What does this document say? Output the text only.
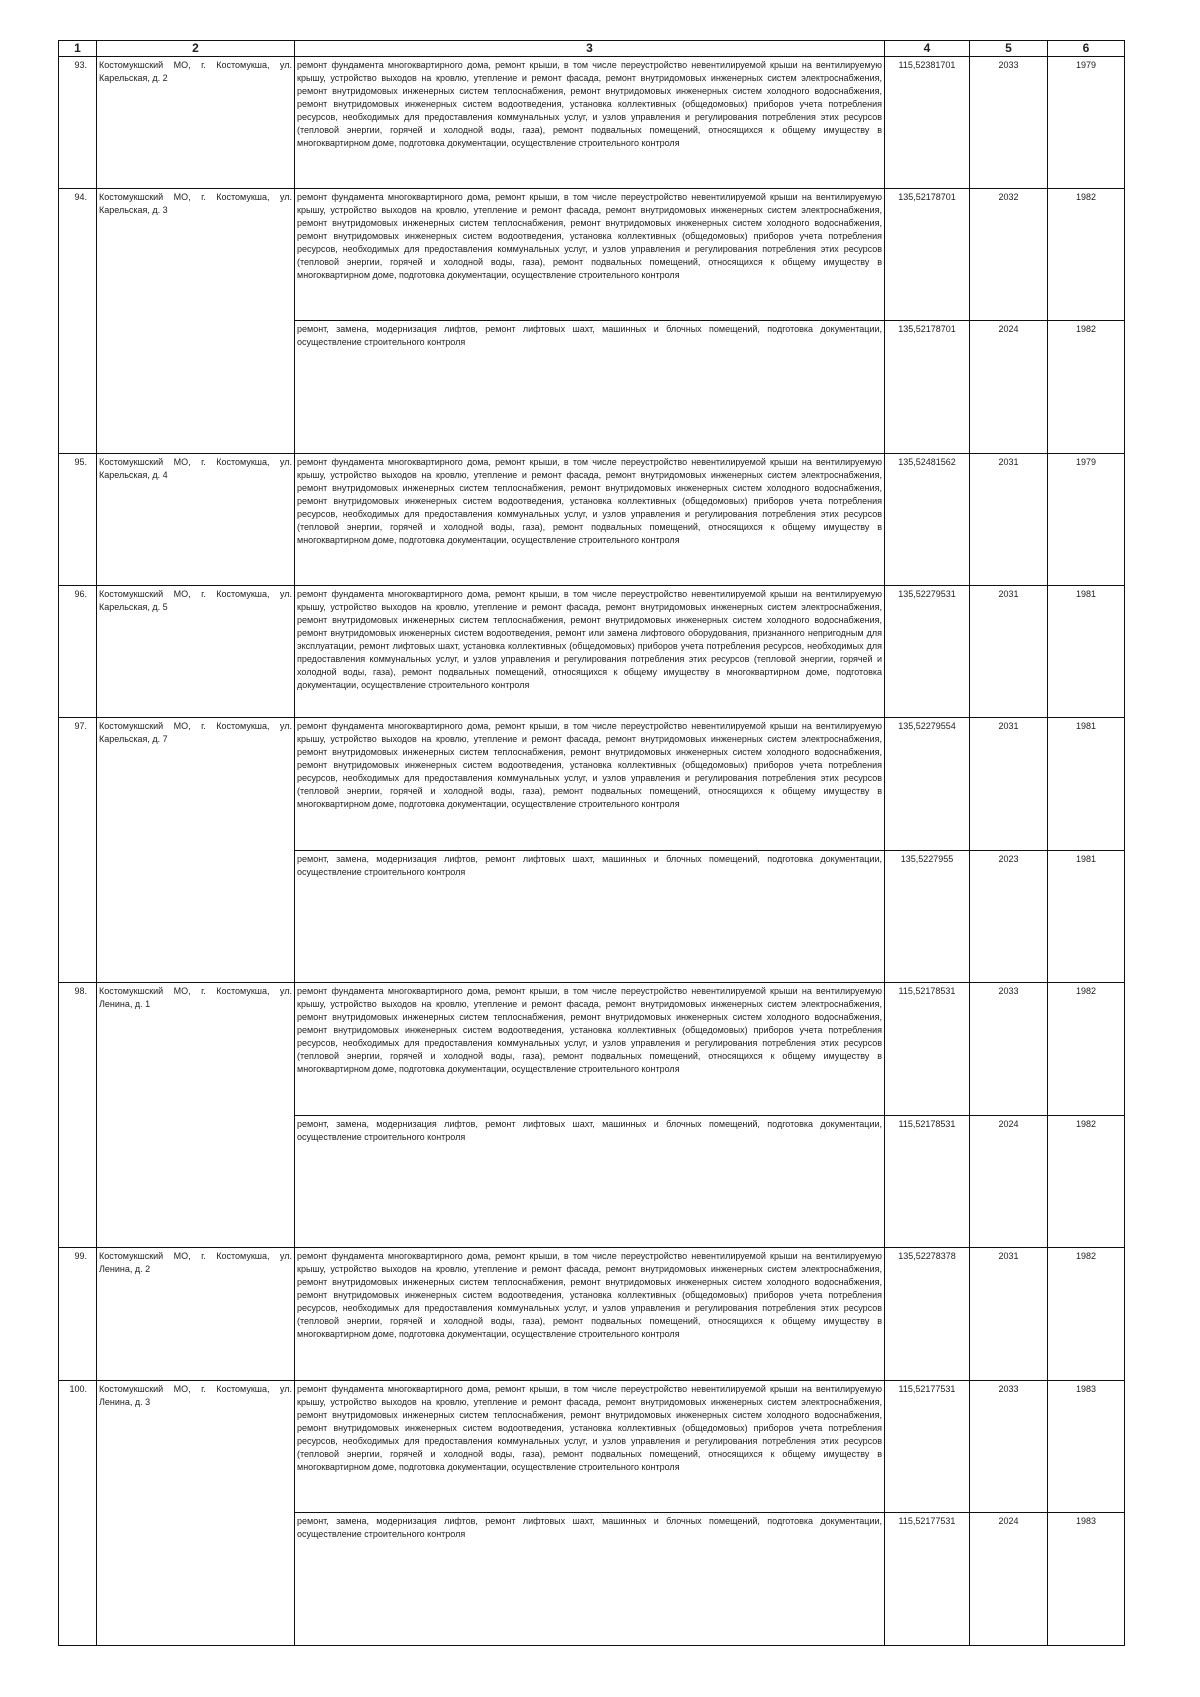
1	2	3	4	5	6
93.	Костомукшский МО, г. Костомукша, ул. Карельская, д. 2	ремонт фундамента многоквартирного дома, ремонт крыши, в том числе переустройство невентилируемой крыши на вентилируемую крышу, устройство выходов на кровлю, утепление и ремонт фасада, ремонт внутридомовых инженерных систем электроснабжения, ремонт внутридомовых инженерных систем теплоснабжения, ремонт внутридомовых инженерных систем холодного водоснабжения, ремонт внутридомовых инженерных систем водоотведения, установка коллективных (общедомовых) приборов учета потребления ресурсов, необходимых для предоставления коммунальных услуг, и узлов управления и регулирования потребления этих ресурсов (тепловой энергии, горячей и холодной воды, газа), ремонт подвальных помещений, относящихся к общему имуществу в многоквартирном доме, подготовка документации, осуществление строительного контроля	115,52381701	2033	1979
94.	Костомукшский МО, г. Костомукша, ул. Карельская, д. 3	ремонт фундамента многоквартирного дома, ремонт крыши, в том числе переустройство невентилируемой крыши на вентилируемую крышу, устройство выходов на кровлю, утепление и ремонт фасада, ремонт внутридомовых инженерных систем электроснабжения, ремонт внутридомовых инженерных систем теплоснабжения, ремонт внутридомовых инженерных систем холодного водоснабжения, ремонт внутридомовых инженерных систем водоотведения, установка коллективных (общедомовых) приборов учета потребления ресурсов, необходимых для предоставления коммунальных услуг, и узлов управления и регулирования потребления этих ресурсов (тепловой энергии, горячей и холодной воды, газа), ремонт подвальных помещений, относящихся к общему имуществу в многоквартирном доме, подготовка документации, осуществление строительного контроля	135,52178701	2032	1982
		ремонт, замена, модернизация лифтов, ремонт лифтовых шахт, машинных и блочных помещений, подготовка документации, осуществление строительного контроля	135,52178701	2024	1982
95.	Костомукшский МО, г. Костомукша, ул. Карельская, д. 4	ремонт фундамента многоквартирного дома, ремонт крыши, в том числе переустройство невентилируемой крыши на вентилируемую крышу, устройство выходов на кровлю, утепление и ремонт фасада, ремонт внутридомовых инженерных систем электроснабжения, ремонт внутридомовых инженерных систем теплоснабжения, ремонт внутридомовых инженерных систем холодного водоснабжения, ремонт внутридомовых инженерных систем водоотведения, установка коллективных (общедомовых) приборов учета потребления ресурсов, необходимых для предоставления коммунальных услуг, и узлов управления и регулирования потребления этих ресурсов (тепловой энергии, горячей и холодной воды, газа), ремонт подвальных помещений, относящихся к общему имуществу в многоквартирном доме, подготовка документации, осуществление строительного контроля	135,52481562	2031	1979
96.	Костомукшский МО, г. Костомукша, ул. Карельская, д. 5	ремонт фундамента многоквартирного дома, ремонт крыши, в том числе переустройство невентилируемой крыши на вентилируемую крышу, устройство выходов на кровлю, утепление и ремонт фасада, ремонт внутридомовых инженерных систем электроснабжения, ремонт внутридомовых инженерных систем теплоснабжения, ремонт внутридомовых инженерных систем холодного водоснабжения, ремонт внутридомовых инженерных систем водоотведения, ремонт или замена лифтового оборудования, признанного непригодным для эксплуатации, ремонт лифтовых шахт, установка коллективных (общедомовых) приборов учета потребления ресурсов, необходимых для предоставления коммунальных услуг, и узлов управления и регулирования потребления этих ресурсов (тепловой энергии, горячей и холодной воды, газа), ремонт подвальных помещений, относящихся к общему имуществу в многоквартирном доме, подготовка документации, осуществление строительного контроля	135,52279531	2031	1981
97.	Костомукшский МО, г. Костомукша, ул. Карельская, д. 7	ремонт фундамента многоквартирного дома, ремонт крыши, в том числе переустройство невентилируемой крыши на вентилируемую крышу, устройство выходов на кровлю, утепление и ремонт фасада, ремонт внутридомовых инженерных систем электроснабжения, ремонт внутридомовых инженерных систем теплоснабжения, ремонт внутридомовых инженерных систем холодного водоснабжения, ремонт внутридомовых инженерных систем водоотведения, установка коллективных (общедомовых) приборов учета потребления ресурсов, необходимых для предоставления коммунальных услуг, и узлов управления и регулирования потребления этих ресурсов (тепловой энергии, горячей и холодной воды, газа), ремонт подвальных помещений, относящихся к общему имуществу в многоквартирном доме, подготовка документации, осуществление строительного контроля	135,52279554	2031	1981
		ремонт, замена, модернизация лифтов, ремонт лифтовых шахт, машинных и блочных помещений, подготовка документации, осуществление строительного контроля	135,5227955	2023	1981
98.	Костомукшский МО, г. Костомукша, ул. Ленина, д. 1	ремонт фундамента многоквартирного дома, ремонт крыши, в том числе переустройство невентилируемой крыши на вентилируемую крышу, устройство выходов на кровлю, утепление и ремонт фасада, ремонт внутридомовых инженерных систем электроснабжения, ремонт внутридомовых инженерных систем теплоснабжения, ремонт внутридомовых инженерных систем холодного водоснабжения, ремонт внутридомовых инженерных систем водоотведения, установка коллективных (общедомовых) приборов учета потребления ресурсов, необходимых для предоставления коммунальных услуг, и узлов управления и регулирования потребления этих ресурсов (тепловой энергии, горячей и холодной воды, газа), ремонт подвальных помещений, относящихся к общему имуществу в многоквартирном доме, подготовка документации, осуществление строительного контроля	115,52178531	2033	1982
		ремонт, замена, модернизация лифтов, ремонт лифтовых шахт, машинных и блочных помещений, подготовка документации, осуществление строительного контроля	115,52178531	2024	1982
99.	Костомукшский МО, г. Костомукша, ул. Ленина, д. 2	ремонт фундамента многоквартирного дома, ремонт крыши, в том числе переустройство невентилируемой крыши на вентилируемую крышу, устройство выходов на кровлю, утепление и ремонт фасада, ремонт внутридомовых инженерных систем электроснабжения, ремонт внутридомовых инженерных систем теплоснабжения, ремонт внутридомовых инженерных систем холодного водоснабжения, ремонт внутридомовых инженерных систем водоотведения, установка коллективных (общедомовых) приборов учета потребления ресурсов, необходимых для предоставления коммунальных услуг, и узлов управления и регулирования потребления этих ресурсов (тепловой энергии, горячей и холодной воды, газа), ремонт подвальных помещений, относящихся к общему имуществу в многоквартирном доме, подготовка документации, осуществление строительного контроля	135,52278378	2031	1982
100.	Костомукшский МО, г. Костомукша, ул. Ленина, д. 3	ремонт фундамента многоквартирного дома, ремонт крыши, в том числе переустройство невентилируемой крыши на вентилируемую крышу, устройство выходов на кровлю, утепление и ремонт фасада, ремонт внутридомовых инженерных систем электроснабжения, ремонт внутридомовых инженерных систем теплоснабжения, ремонт внутридомовых инженерных систем холодного водоснабжения, ремонт внутридомовых инженерных систем водоотведения, установка коллективных (общедомовых) приборов учета потребления ресурсов, необходимых для предоставления коммунальных услуг, и узлов управления и регулирования потребления этих ресурсов (тепловой энергии, горячей и холодной воды, газа), ремонт подвальных помещений, относящихся к общему имуществу в многоквартирном доме, подготовка документации, осуществление строительного контроля	115,52177531	2033	1983
		ремонт, замена, модернизация лифтов, ремонт лифтовых шахт, машинных и блочных помещений, подготовка документации, осуществление строительного контроля	115,52177531	2024	1983
